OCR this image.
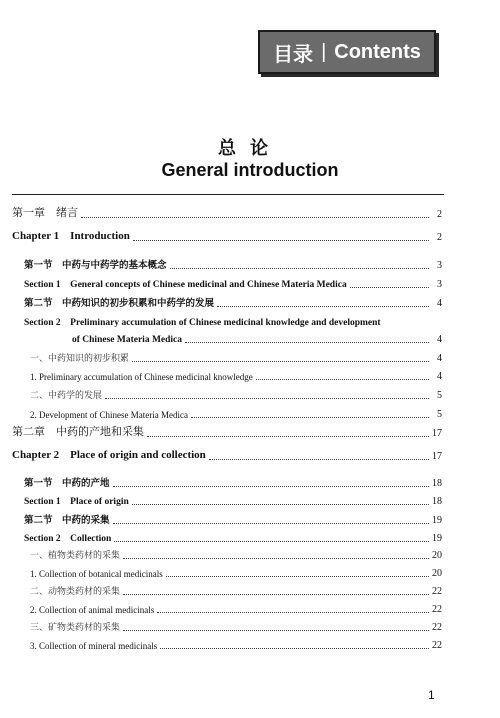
目录 | Contents
总论
General introduction
第一章　绪言	2
Chapter 1　Introduction	2
第一节　中药与中药学的基本概念	3
Section 1　General concepts of Chinese medicinal and Chinese Materia Medica	3
第二节　中药知识的初步积累和中药学的发展	4
Section 2　Preliminary accumulation of Chinese medicinal knowledge and development
of Chinese Materia Medica	4
一、中药知识的初步积累	4
1. Preliminary accumulation of Chinese medicinal knowledge	4
二、中药学的发展	5
2. Development of Chinese Materia Medica	5
第二章　中药的产地和采集	17
Chapter 2　Place of origin and collection	17
第一节　中药的产地	18
Section 1　Place of origin	18
第二节　中药的采集	19
Section 2　Collection	19
一、植物类药材的采集	20
1. Collection of botanical medicinals	20
二、动物类药材的采集	22
2. Collection of animal medicinals	22
三、矿物类药材的采集	22
3. Collection of mineral medicinals	22
1
